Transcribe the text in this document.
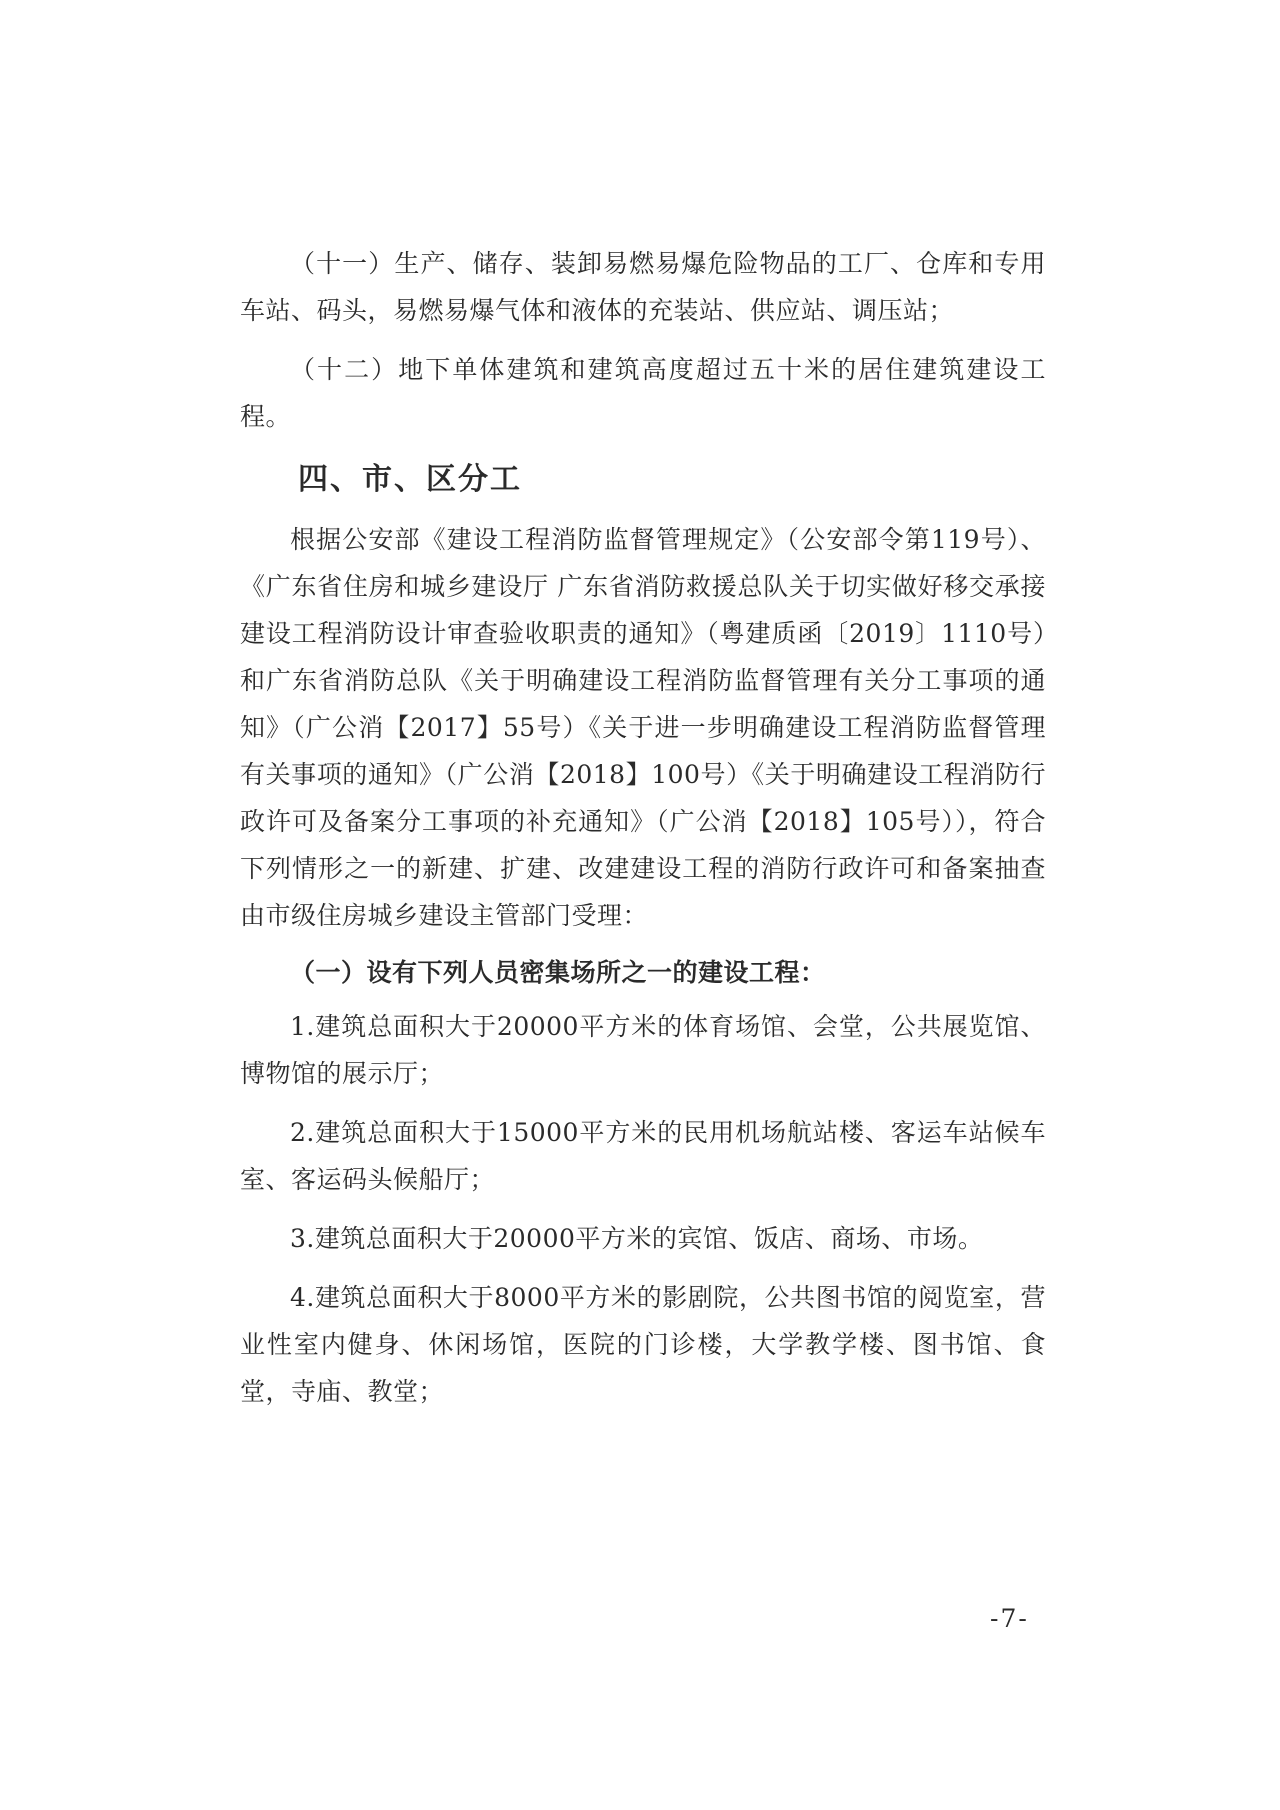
（十一）生产、储存、装卸易燃易爆危险物品的工厂、仓库和专用车站、码头，易燃易爆气体和液体的充装站、供应站、调压站；

（十二）地下单体建筑和建筑高度超过五十米的居住建筑建设工程。

四、市、区分工

根据公安部《建设工程消防监督管理规定》（公安部令第119号）、《广东省住房和城乡建设厅 广东省消防救援总队关于切实做好移交承接建设工程消防设计审查验收职责的通知》（粤建质函〔2019〕1110号）和广东省消防总队《关于明确建设工程消防监督管理有关分工事项的通知》（广公消【2017】55号）《关于进一步明确建设工程消防监督管理有关事项的通知》（广公消【2018】100号）《关于明确建设工程消防行政许可及备案分工事项的补充通知》（广公消【2018】105号）），符合下列情形之一的新建、扩建、改建建设工程的消防行政许可和备案抽查由市级住房城乡建设主管部门受理：

（一）设有下列人员密集场所之一的建设工程：

1.建筑总面积大于20000平方米的体育场馆、会堂，公共展览馆、博物馆的展示厅；

2.建筑总面积大于15000平方米的民用机场航站楼、客运车站候车室、客运码头候船厅；

3.建筑总面积大于20000平方米的宾馆、饭店、商场、市场。

4.建筑总面积大于8000平方米的影剧院，公共图书馆的阅览室，营业性室内健身、休闲场馆，医院的门诊楼，大学教学楼、图书馆、食堂，寺庙、教堂；

-7-
